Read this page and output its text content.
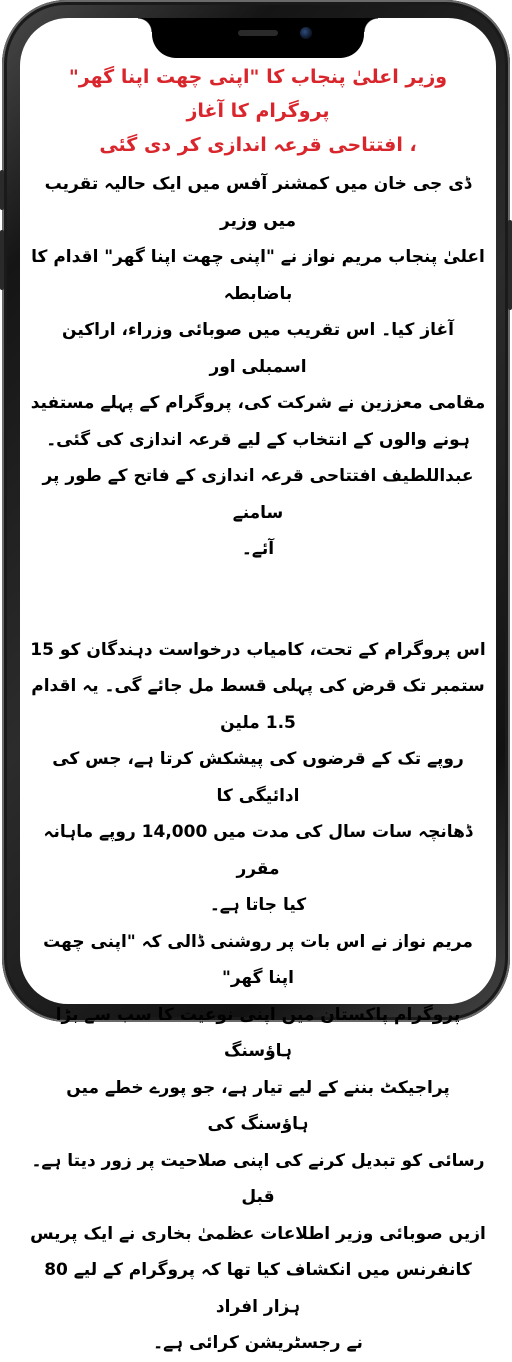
وزیر اعلیٰ پنجاب کا "اپنی چھت اپنا گھر" پروگرام کا آغاز
، افتتاحی قرعہ اندازی کر دی گئی

ڈی جی خان میں کمشنر آفس میں ایک حالیہ تقریب میں وزیر
اعلیٰ پنجاب مریم نواز نے "اپنی چھت اپنا گھر" اقدام کا باضابطہ
آغاز کیا۔ اس تقریب میں صوبائی وزراء، اراکین اسمبلی اور
مقامی معززین نے شرکت کی، پروگرام کے پہلے مستفید
ہونے والوں کے انتخاب کے لیے قرعہ اندازی کی گئی۔
عبداللطیف افتتاحی قرعہ اندازی کے فاتح کے طور پر سامنے
آئے۔

اس پروگرام کے تحت، کامیاب درخواست دہندگان کو 15
ستمبر تک قرض کی پہلی قسط مل جائے گی۔ یہ اقدام 1.5 ملین
روپے تک کے قرضوں کی پیشکش کرتا ہے، جس کی ادائیگی کا
ڈھانچہ سات سال کی مدت میں 14,000 روپے ماہانہ مقرر
کیا جاتا ہے۔

مریم نواز نے اس بات پر روشنی ڈالی کہ "اپنی چھت اپنا گھر"
پروگرام پاکستان میں اپنی نوعیت کا سب سے بڑا ہاؤسنگ
پراجیکٹ بننے کے لیے تیار ہے، جو پورے خطے میں ہاؤسنگ کی
رسائی کو تبدیل کرنے کی اپنی صلاحیت پر زور دیتا ہے۔ قبل
ازیں صوبائی وزیر اطلاعات عظمیٰ بخاری نے ایک پریس
کانفرنس میں انکشاف کیا تھا کہ پروگرام کے لیے 80 ہزار افراد
نے رجسٹریشن کرائی ہے۔
